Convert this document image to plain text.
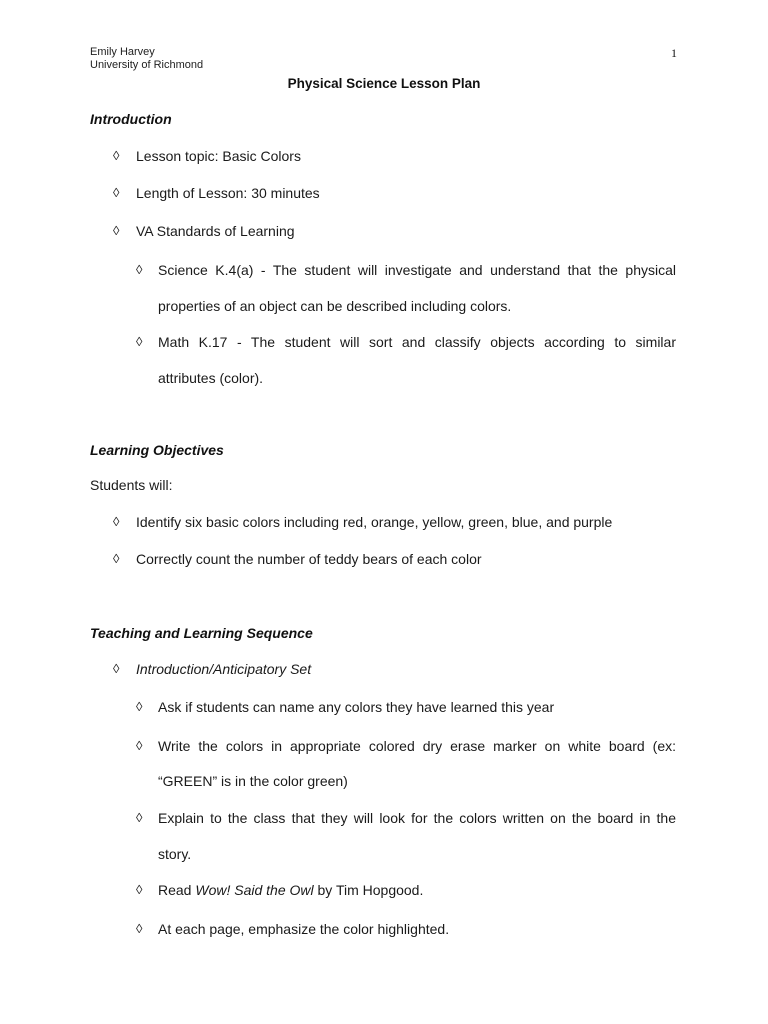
Emily Harvey
University of Richmond
1
Physical Science Lesson Plan
Introduction
◊ Lesson topic: Basic Colors
◊ Length of Lesson: 30 minutes
◊ VA Standards of Learning
◊ Science K.4(a) - The student will investigate and understand that the physical
properties of an object can be described including colors.
◊ Math K.17 - The student will sort and classify objects according to similar
attributes (color).
Learning Objectives
Students will:
◊ Identify six basic colors including red, orange, yellow, green, blue, and purple
◊ Correctly count the number of teddy bears of each color
Teaching and Learning Sequence
◊ Introduction/Anticipatory Set
◊ Ask if students can name any colors they have learned this year
◊ Write the colors in appropriate colored dry erase marker on white board (ex:
“GREEN” is in the color green)
◊ Explain to the class that they will look for the colors written on the board in the
story.
◊ Read Wow! Said the Owl by Tim Hopgood.
◊ At each page, emphasize the color highlighted.
